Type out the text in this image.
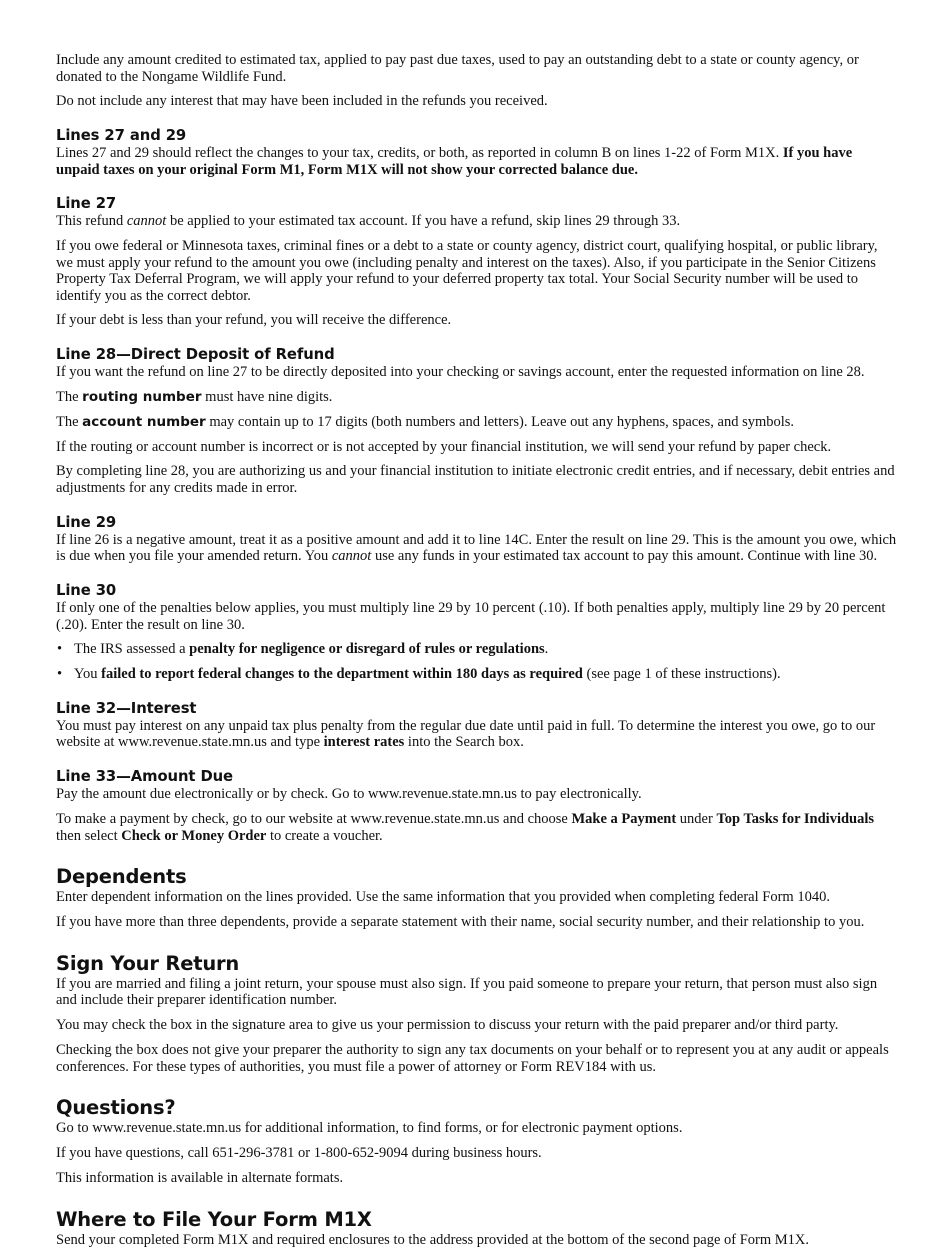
Include any amount credited to estimated tax, applied to pay past due taxes, used to pay an outstanding debt to a state or county agency, or donated to the Nongame Wildlife Fund.

Do not include any interest that may have been included in the refunds you received.

Lines 27 and 29

Lines 27 and 29 should reflect the changes to your tax, credits, or both, as reported in column B on lines 1-22 of Form M1X. If you have unpaid taxes on your original Form M1, Form M1X will not show your corrected balance due.

Line 27

This refund cannot be applied to your estimated tax account. If you have a refund, skip lines 29 through 33.

If you owe federal or Minnesota taxes, criminal fines or a debt to a state or county agency, district court, qualifying hospital, or public library, we must apply your refund to the amount you owe (including penalty and interest on the taxes). Also, if you participate in the Senior Citizens Property Tax Deferral Program, we will apply your refund to your deferred property tax total. Your Social Security number will be used to identify you as the correct debtor.

If your debt is less than your refund, you will receive the difference.

Line 28—Direct Deposit of Refund

If you want the refund on line 27 to be directly deposited into your checking or savings account, enter the requested information on line 28.

The routing number must have nine digits.

The account number may contain up to 17 digits (both numbers and letters). Leave out any hyphens, spaces, and symbols.

If the routing or account number is incorrect or is not accepted by your financial institution, we will send your refund by paper check.

By completing line 28, you are authorizing us and your financial institution to initiate electronic credit entries, and if necessary, debit entries and adjustments for any credits made in error.

Line 29

If line 26 is a negative amount, treat it as a positive amount and add it to line 14C. Enter the result on line 29. This is the amount you owe, which is due when you file your amended return. You cannot use any funds in your estimated tax account to pay this amount. Continue with line 30.

Line 30

If only one of the penalties below applies, you must multiply line 29 by 10 percent (.10). If both penalties apply, multiply line 29 by 20 percent (.20). Enter the result on line 30.

• The IRS assessed a penalty for negligence or disregard of rules or regulations.
• You failed to report federal changes to the department within 180 days as required (see page 1 of these instructions).
Line 32—Interest

You must pay interest on any unpaid tax plus penalty from the regular due date until paid in full. To determine the interest you owe, go to our website at www.revenue.state.mn.us and type interest rates into the Search box.

Line 33—Amount Due

Pay the amount due electronically or by check. Go to www.revenue.state.mn.us to pay electronically.

To make a payment by check, go to our website at www.revenue.state.mn.us and choose Make a Payment under Top Tasks for Individuals then select Check or Money Order to create a voucher.

Dependents

Enter dependent information on the lines provided. Use the same information that you provided when completing federal Form 1040.

If you have more than three dependents, provide a separate statement with their name, social security number, and their relationship to you.

Sign Your Return

If you are married and filing a joint return, your spouse must also sign. If you paid someone to prepare your return, that person must also sign and include their preparer identification number.

You may check the box in the signature area to give us your permission to discuss your return with the paid preparer and/or third party.

Checking the box does not give your preparer the authority to sign any tax documents on your behalf or to represent you at any audit or appeals conferences. For these types of authorities, you must file a power of attorney or Form REV184 with us.

Questions?

Go to www.revenue.state.mn.us for additional information, to find forms, or for electronic payment options.

If you have questions, call 651-296-3781 or 1-800-652-9094 during business hours.

This information is available in alternate formats.

Where to File Your Form M1X

Send your completed Form M1X and required enclosures to the address provided at the bottom of the second page of Form M1X.
